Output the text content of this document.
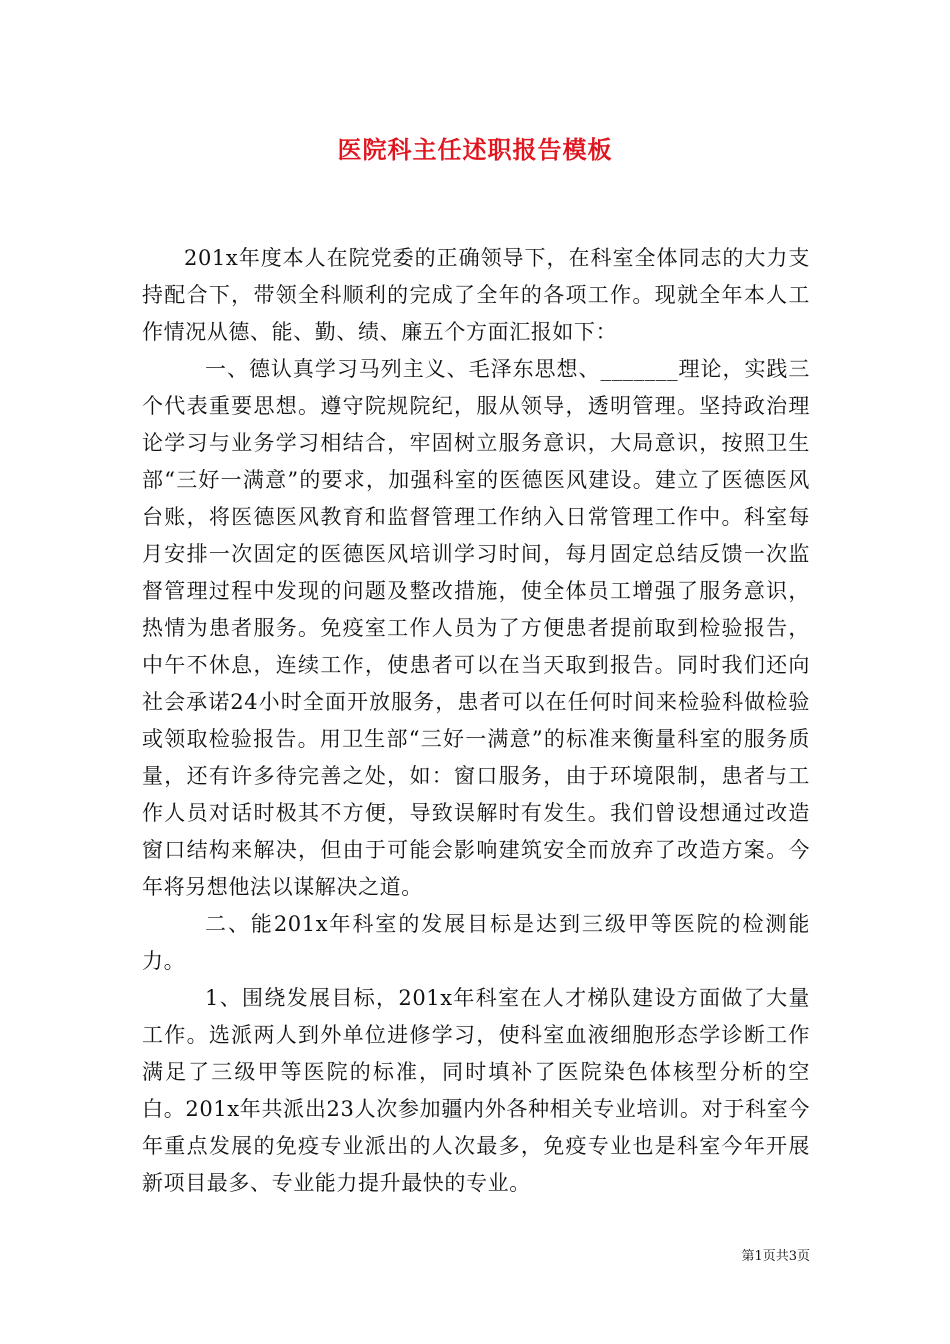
医院科主任述职报告模板

201x年度本人在院党委的正确领导下，在科室全体同志的大力支持配合下，带领全科顺利的完成了全年的各项工作。现就全年本人工作情况从德、能、勤、绩、廉五个方面汇报如下：

一、德认真学习马列主义、毛泽东思想、_______理论，实践三个代表重要思想。遵守院规院纪，服从领导，透明管理。坚持政治理论学习与业务学习相结合，牢固树立服务意识，大局意识，按照卫生部“三好一满意”的要求，加强科室的医德医风建设。建立了医德医风台账，将医德医风教育和监督管理工作纳入日常管理工作中。科室每月安排一次固定的医德医风培训学习时间，每月固定总结反馈一次监督管理过程中发现的问题及整改措施，使全体员工增强了服务意识，热情为患者服务。免疫室工作人员为了方便患者提前取到检验报告，中午不休息，连续工作，使患者可以在当天取到报告。同时我们还向社会承诺24小时全面开放服务，患者可以在任何时间来检验科做检验或领取检验报告。用卫生部“三好一满意”的标准来衡量科室的服务质量，还有许多待完善之处，如：窗口服务，由于环境限制，患者与工作人员对话时极其不方便，导致误解时有发生。我们曾设想通过改造窗口结构来解决，但由于可能会影响建筑安全而放弃了改造方案。今年将另想他法以谋解决之道。

二、能201x年科室的发展目标是达到三级甲等医院的检测能力。

1、围绕发展目标，201x年科室在人才梯队建设方面做了大量工作。选派两人到外单位进修学习，使科室血液细胞形态学诊断工作满足了三级甲等医院的标准，同时填补了医院染色体核型分析的空白。201x年共派出23人次参加疆内外各种相关专业培训。对于科室今年重点发展的免疫专业派出的人次最多，免疫专业也是科室今年开展新项目最多、专业能力提升最快的专业。

第1页共3页
